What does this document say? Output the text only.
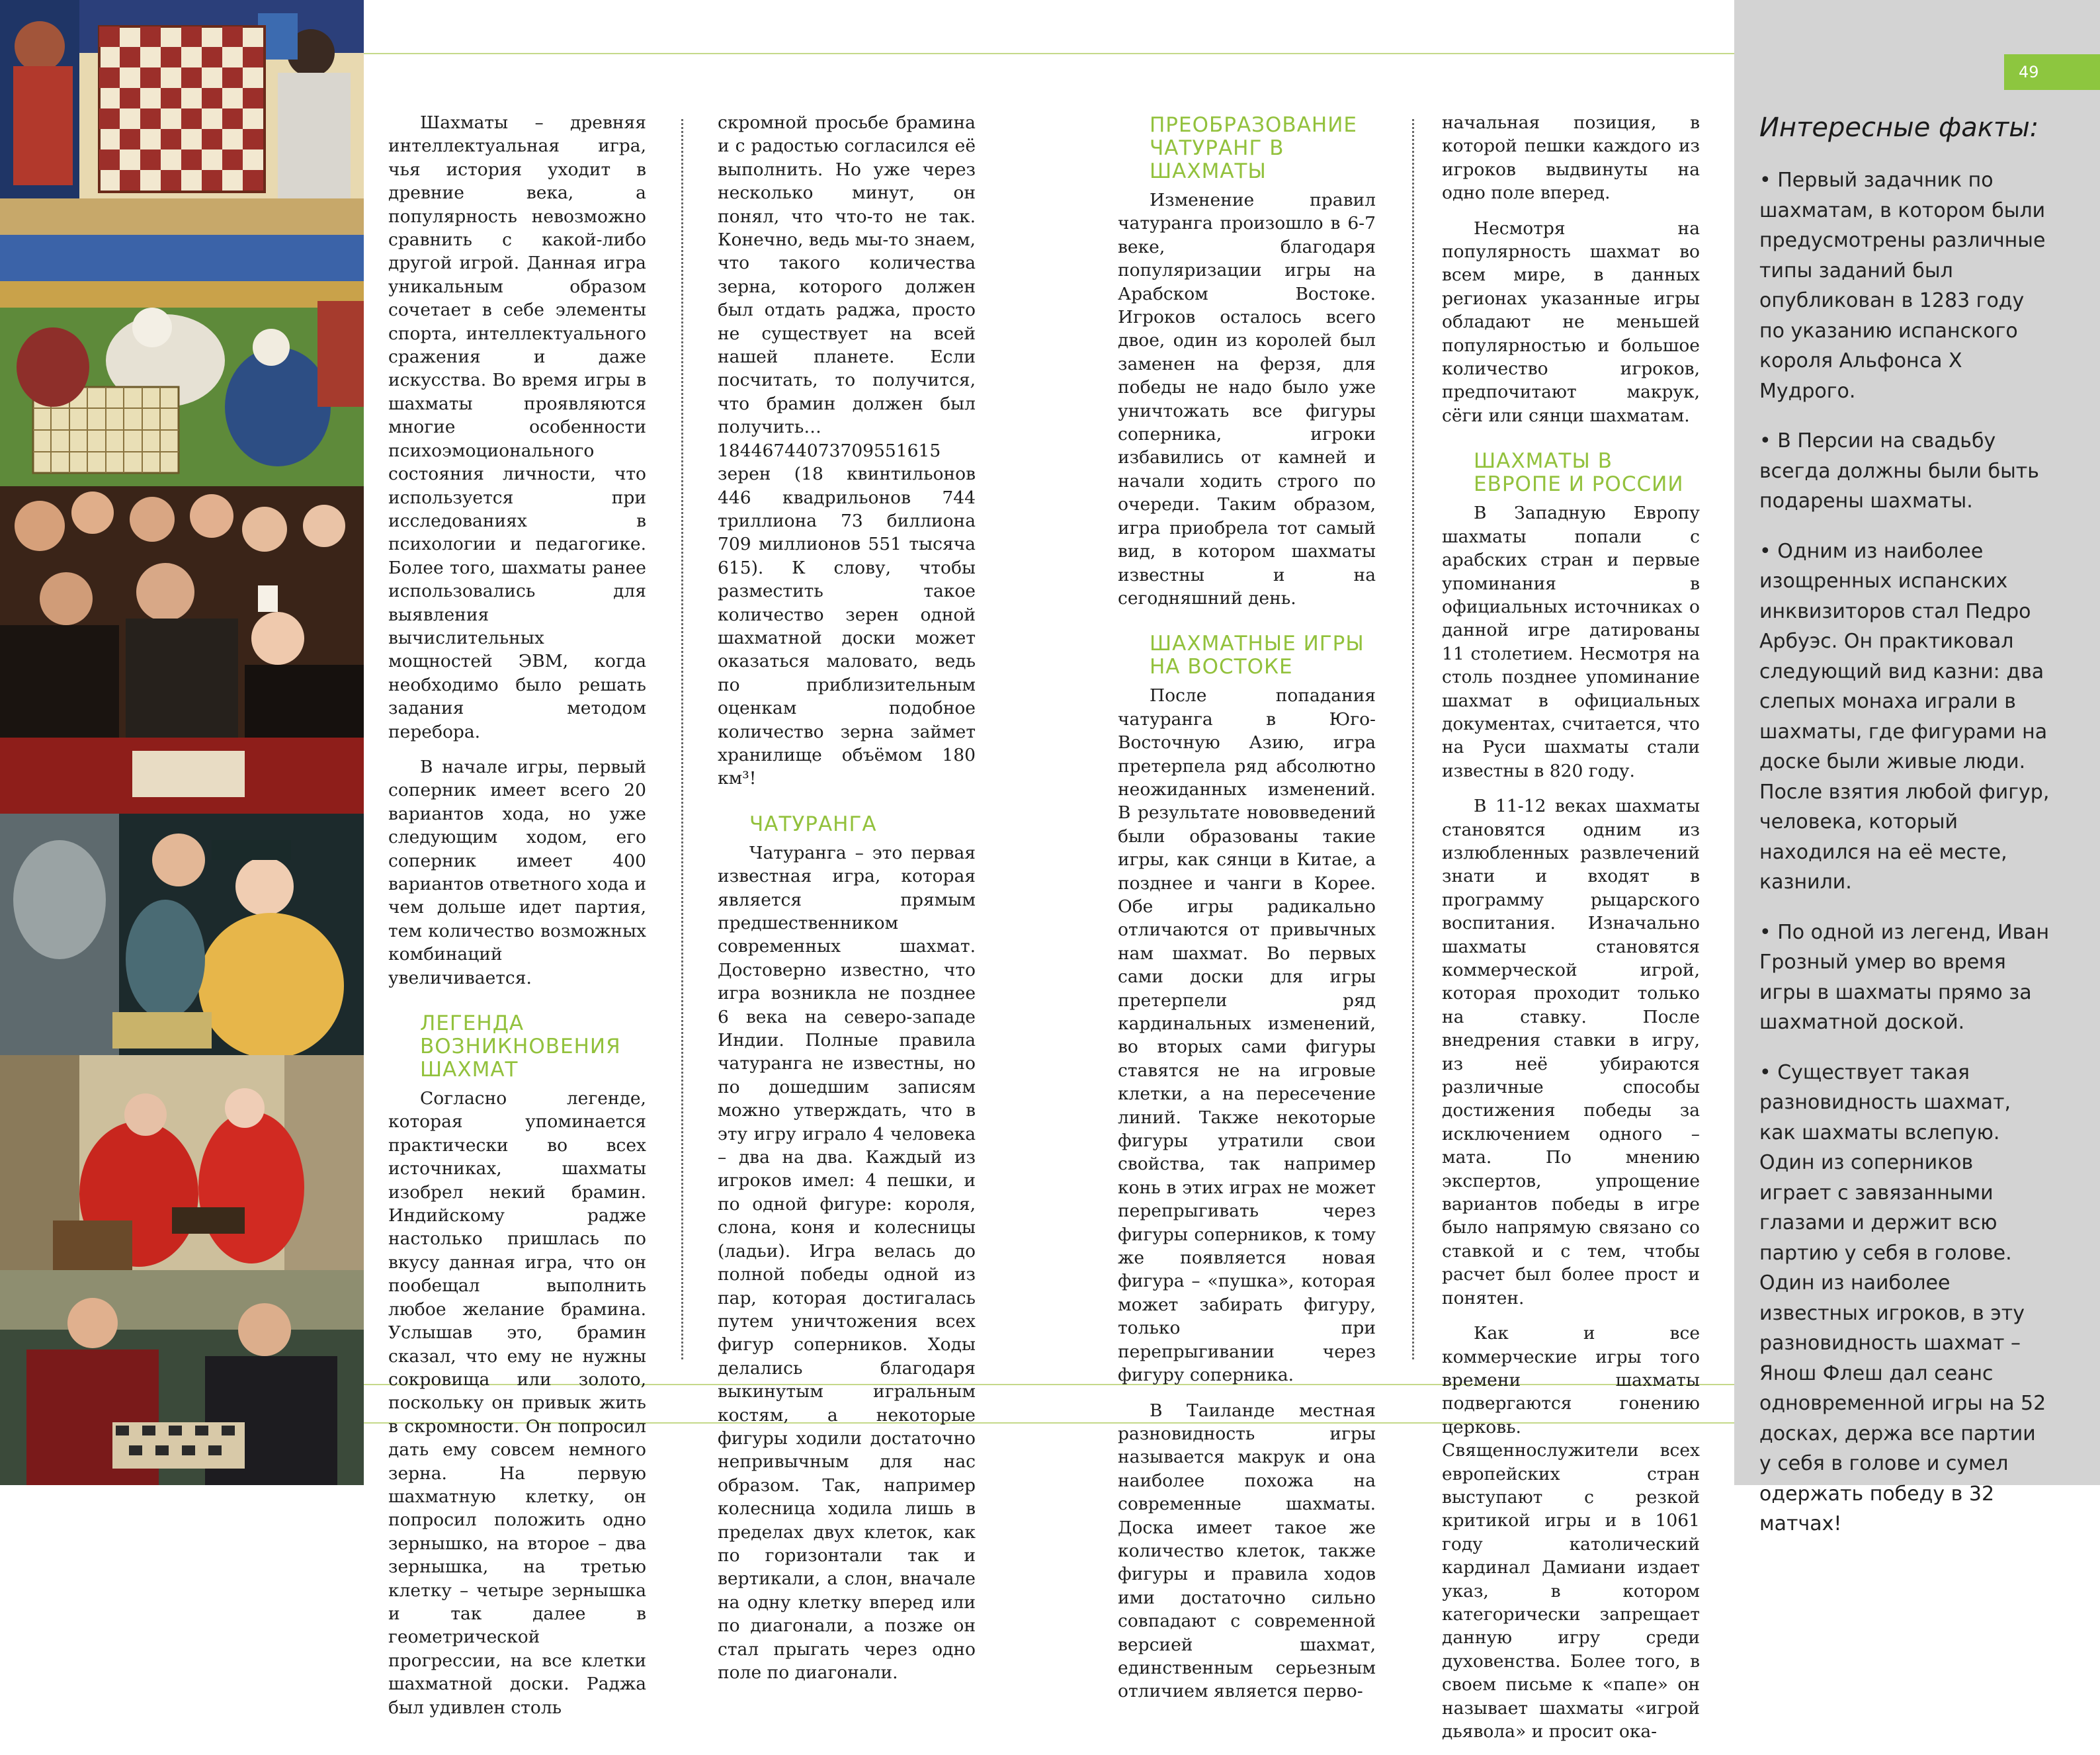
Шахматы – древняя интеллектуальная игра, чья история уходит в древние века, а популярность невозможно сравнить с какой-либо другой игрой. Данная игра уникальным образом сочетает в себе элементы спорта, интеллектуального сражения и даже искусства. Во время игры в шахматы проявляются многие особенности психоэмоционального состояния личности, что используется при исследованиях в психологии и педагогике. Более того, шахматы ранее использовались для выявления вычислительных мощностей ЭВМ, когда необходимо было решать задания методом перебора.

В начале игры, первый соперник имеет всего 20 вариантов хода, но уже следующим ходом, его соперник имеет 400 вариантов ответного хода и чем дольше идет партия, тем количество возможных комбинаций увеличивается.

ЛЕГЕНДА ВОЗНИКНОВЕНИЯ ШАХМАТ

Согласно легенде, которая упоминается практически во всех источниках, шахматы изобрел некий брамин. Индийскому радже настолько пришлась по вкусу данная игра, что он пообещал выполнить любое желание брамина. Услышав это, брамин сказал, что ему не нужны сокровища или золото, поскольку он привык жить в скромности. Он попросил дать ему совсем немного зерна. На первую шахматную клетку, он попросил положить одно зернышко, на второе – два зернышка, на третью клетку – четыре зернышка и так далее в геометрической прогрессии, на все клетки шахматной доски. Раджа был удивлен столь

скромной просьбе брамина и с радостью согласился её выполнить. Но уже через несколько минут, он понял, что что-то не так. Конечно, ведь мы-то знаем, что такого количества зерна, которого должен был отдать раджа, просто не существует на всей нашей планете. Если посчитать, то получится, что брамин должен был получить… 18446744073709551615 зерен (18 квинтильонов 446 квадрильонов 744 триллиона 73 биллиона 709 миллионов 551 тысяча 615). К слову, чтобы разместить такое количество зерен одной шахматной доски может оказаться маловато, ведь по приблизительным оценкам подобное количество зерна займет хранилище объёмом 180 км³!

ЧАТУРАНГА

Чатуранга – это первая известная игра, которая является прямым предшественником современных шахмат. Достоверно известно, что игра возникла не позднее 6 века на северо-западе Индии. Полные правила чатуранга не известны, но по дошедшим записям можно утверждать, что в эту игру играло 4 человека – два на два. Каждый из игроков имел: 4 пешки, и по одной фигуре: короля, слона, коня и колесницы (ладьи). Игра велась до полной победы одной из пар, которая достигалась путем уничтожения всех фигур соперников. Ходы делались благодаря выкинутым игральным костям, а некоторые фигуры ходили достаточно непривычным для нас образом. Так, например колесница ходила лишь в пределах двух клеток, как по горизонтали так и вертикали, а слон, вначале на одну клетку вперед или по диагонали, а позже он стал прыгать через одно поле по диагонали.

ПРЕОБРАЗОВАНИЕ ЧАТУРАНГ В ШАХМАТЫ

Изменение правил чатуранга произошло в 6-7 веке, благодаря популяризации игры на Арабском Востоке. Игроков осталось всего двое, один из королей был заменен на ферзя, для победы не надо было уже уничтожать все фигуры соперника, игроки избавились от камней и начали ходить строго по очереди. Таким образом, игра приобрела тот самый вид, в котором шахматы известны и на сегодняшний день.

ШАХМАТНЫЕ ИГРЫ НА ВОСТОКЕ

После попадания чатуранга в Юго-Восточную Азию, игра претерпела ряд абсолютно неожиданных изменений. В результате нововведений были образованы такие игры, как сянци в Китае, а позднее и чанги в Корее. Обе игры радикально отличаются от привычных нам шахмат. Во первых сами доски для игры претерпели ряд кардинальных изменений, во вторых сами фигуры ставятся не на игровые клетки, а на пересечение линий. Также некоторые фигуры утратили свои свойства, так например конь в этих играх не может перепрыгивать через фигуры соперников, к тому же появляется новая фигура – «пушка», которая может забирать фигуру, только при перепрыгивании через фигуру соперника.

В Таиланде местная разновидность игры называется макрук и она наиболее похожа на современные шахматы. Доска имеет такое же количество клеток, также фигуры и правила ходов ими достаточно сильно совпадают с современной версией шахмат, единственным серьезным отличием является перво-

начальная позиция, в которой пешки каждого из игроков выдвинуты на одно поле вперед.

Несмотря на популярность шахмат во всем мире, в данных регионах указанные игры обладают не меньшей популярностью и большое количество игроков, предпочитают макрук, сёги или сянци шахматам.

ШАХМАТЫ В ЕВРОПЕ И РОССИИ

В Западную Европу шахматы попали с арабских стран и первые упоминания в официальных источниках о данной игре датированы 11 столетием. Несмотря на столь позднее упоминание шахмат в официальных документах, считается, что на Руси шахматы стали известны в 820 году.

В 11-12 веках шахматы становятся одним из излюбленных развлечений знати и входят в программу рыцарского воспитания. Изначально шахматы становятся коммерческой игрой, которая проходит только на ставку. После внедрения ставки в игру, из неё убираются различные способы достижения победы за исключением одного – мата. По мнению экспертов, упрощение вариантов победы в игре было напрямую связано со ставкой и с тем, чтобы расчет был более прост и понятен.

Как и все коммерческие игры того времени шахматы подвергаются гонению церковь. Священнослужители всех европейских стран выступают с резкой критикой игры и в 1061 году католический кардинал Дамиани издает указ, в котором категорически запрещает данную игру среди духовенства. Более того, в своем письме к «папе» он называет шахматы «игрой дьявола» и просит ока-

49
Интересные факты:

• Первый задачник по шахматам, в котором были предусмотрены различные типы заданий был опубликован в 1283 году по указанию испанского короля Альфонса X Мудрого.

• В Персии на свадьбу всегда должны были быть подарены шахматы.

• Одним из наиболее изощренных испанских инквизиторов стал Педро Арбуэс. Он практиковал следующий вид казни: два слепых монаха играли в шахматы, где фигурами на доске были живые люди. После взятия любой фигур, человека, который находился на её месте, казнили.

• По одной из легенд, Иван Грозный умер во время игры в шахматы прямо за шахматной доской.

• Существует такая разновидность шахмат, как шахматы вслепую. Один из соперников играет с завязанными глазами и держит всю партию у себя в голове. Один из наиболее известных игроков, в эту разновидность шахмат – Янош Флеш дал сеанс одновременной игры на 52 досках, держа все партии у себя в голове и сумел одержать победу в 32 матчах!
